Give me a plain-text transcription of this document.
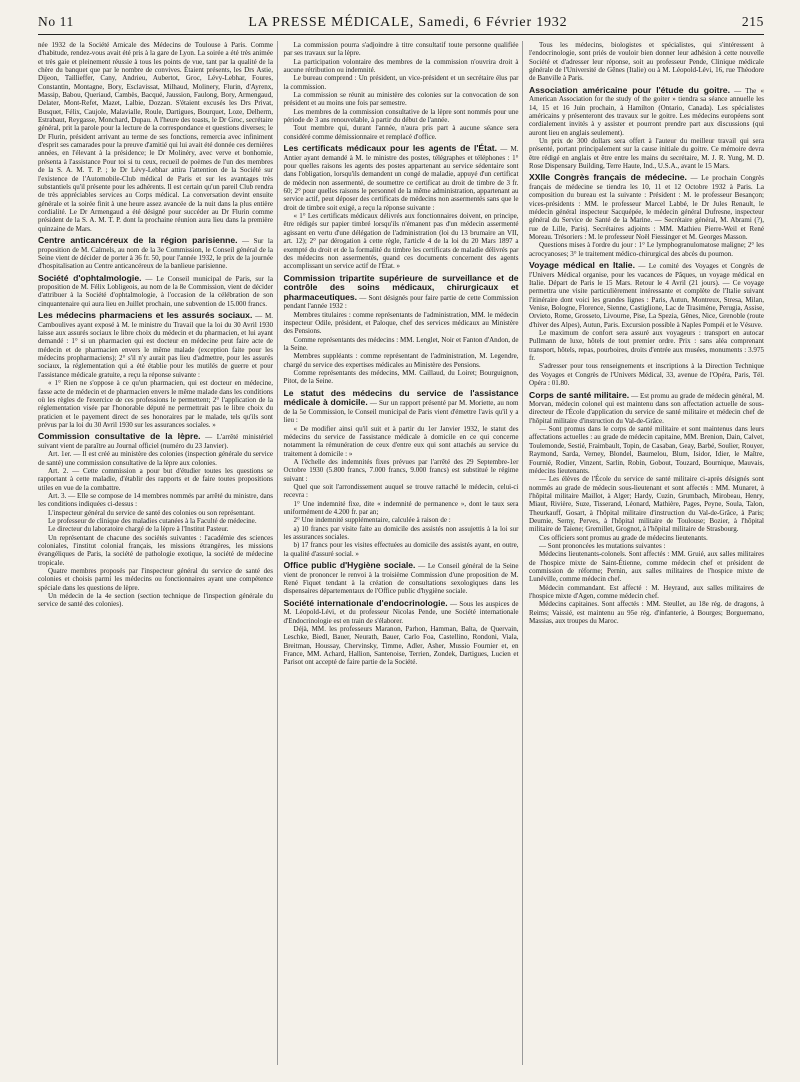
No 11	LA PRESSE MÉDICALE, Samedi, 6 Février 1932	215

née 1932 de la Société Amicale des Médecins de Toulouse à Paris. Comme d'habitude, rendez-vous avait été pris à la gare de Lyon. La soirée a été très animée et très gaie et pleinement réussie à tous les points de vue, tant par la qualité de la chère du banquet que par le nombre de convives. Étaient présents, les Drs Astie, Dijeon, Taillieffer, Cany, Andrieu, Aubertot, Groc, Lévy-Lebhar, Foures, Constantin, Montagne, Bory, Esclavissat, Milhaud, Molinery, Flurin, d'Ayrenx, Massip, Babou, Queriaud, Cambès, Bacqué, Jaussion, Faulong, Bory, Armengaud, Delater, Mont-Refet, Mazet, Lalbie, Dozzan. S'étaient excusés les Drs Privat, Busquet, Félix, Caujole, Malavialle, Roule, Dartigues, Bourquet, Loze, Delherm, Estrabaut, Reygasse, Monchard, Dupau. A l'heure des toasts, le Dr Groc, secrétaire général, prit la parole pour la lecture de la correspondance et questions diverses; le Dr Flurin, président arrivant au terme de ses fonctions, remercia avec infiniment d'esprit ses camarades pour la preuve d'amitié qui lui avait été donnée ces dernières années, en l'élevant à la présidence; le Dr Molinéry, avec verve et bonhomie, présenta à l'assistance Pour toi si tu ceux, recueil de poèmes de l'un des membres de la S. A. M. T. P. ; le Dr Lévy-Lebhar attira l'attention de la Société sur l'existence de l'Automobile-Club médical de Paris et sur les avantages très substantiels qu'il présente pour les adhérents. Il est certain qu'un pareil Club rendra de très appréciables services au Corps médical. La conversation devint ensuite générale et la soirée finit à une heure assez avancée de la nuit dans la plus entière cordialité. Le Dr Armengaud a été désigné pour succéder au Dr Flurin comme président de la S. A. M. T. P. dont la prochaine réunion aura lieu dans la première quinzaine de Mars.

Centre anticancéreux de la région parisienne. — Sur la proposition de M. Calmels, au nom de la 3e Commission, le Conseil général de la Seine vient de décider de porter à 36 fr. 50, pour l'année 1932, le prix de la journée d'hospitalisation au Centre anticancéreux de la banlieue parisienne.
Société d'ophtalmologie. — Le Conseil municipal de Paris, sur la proposition de M. Félix Lobligeois, au nom de la 8e Commission, vient de décider d'attribuer à la Société d'ophtalmologie, à l'occasion de la célébration de son cinquantenaire qui aura lieu en Juillet prochain, une subvention de 15.000 francs.
Les médecins pharmaciens et les assurés sociaux. — M. Camboulives ayant exposé à M. le ministre du Travail que la loi du 30 Avril 1930 laisse aux assurés sociaux le libre choix du médecin et du pharmacien, et lui ayant demandé : 1° si un pharmacien qui est docteur en médecine peut faire acte de médecin et de pharmacien envers le même malade (exception faite pour les médecins propharmaciens); 2° s'il n'y aurait pas lieu d'admettre, pour les assurés sociaux, la réglementation qui a été établie pour les mutilés de guerre et pour l'assistance médicale gratuite, a reçu la réponse suivante :

« 1° Rien ne s'oppose à ce qu'un pharmacien, qui est docteur en médecine, fasse acte de médecin et de pharmacien envers le même malade dans les conditions où les règles de l'exercice de ces professions le permettent; 2° l'application de la réglementation visée par l'honorable député ne permettrait pas le libre choix du praticien et le payement direct de ses honoraires par le malade, tels qu'ils sont prévus par la loi du 30 Avril 1930 sur les assurances sociales. »

Commission consultative de la lèpre. — L'arrêté ministériel suivant vient de paraître au Journal officiel (numéro du 23 Janvier).

Art. 1er. — Il est créé au ministère des colonies (inspection générale du service de santé) une commission consultative de la lèpre aux colonies.

Art. 2. — Cette commission a pour but d'étudier toutes les questions se rapportant à cette maladie, d'établir des rapports et de faire toutes propositions utiles en vue de la combattre.

Art. 3. — Elle se compose de 14 membres nommés par arrêté du ministre, dans les conditions indiquées ci-dessus :

L'inspecteur général du service de santé des colonies ou son représentant.

Le professeur de clinique des maladies cutanées à la Faculté de médecine.

Le directeur du laboratoire chargé de la lèpre à l'Institut Pasteur.

Un représentant de chacune des sociétés suivantes : l'académie des sciences coloniales, l'institut colonial français, les missions étrangères, les missions évangéliques de Paris, la société de pathologie exotique, la société de médecine tropicale.

Quatre membres proposés par l'inspecteur général du service de santé des colonies et choisis parmi les médecins ou fonctionnaires ayant une compétence spéciale dans les questions de lèpre.

Un médecin de la 4e section (section technique de l'inspection générale du service de santé des colonies).

La commission pourra s'adjoindre à titre consultatif toute personne qualifiée par ses travaux sur la lèpre.

La participation volontaire des membres de la commission n'ouvrira droit à aucune rétribution ou indemnité.

Le bureau comprend : Un président, un vice-président et un secrétaire élus par la commission.

La commission se réunit au ministère des colonies sur la convocation de son président et au moins une fois par semestre.

Les membres de la commission consultative de la lèpre sont nommés pour une période de 3 ans renouvelable, à partir du début de l'année.

Tout membre qui, durant l'année, n'aura pris part à aucune séance sera considéré comme démissionnaire et remplacé d'office.

Les certificats médicaux pour les agents de l'État. — M. Antier ayant demandé à M. le ministre des postes, télégraphes et téléphones : 1° pour quelles raisons les agents des postes appartenant au service sédentaire sont dans l'obligation, lorsqu'ils demandent un congé de maladie, appuyé d'un certificat de médecin non assermenté, de soumettre ce certificat au droit de timbre de 3 fr. 60; 2° pour quelles raisons le personnel de la même administration, appartenant au service actif, peut déposer des certificats de médecins non assermentés sans que le droit de timbre soit exigé, a reçu la réponse suivante :

« 1° Les certificats médicaux délivrés aux fonctionnaires doivent, en principe, être rédigés sur papier timbré lorsqu'ils n'émanent pas d'un médecin assermenté agissant en vertu d'une délégation de l'administration (loi du 13 brumaire an VII, art. 12); 2° par dérogation à cette règle, l'article 4 de la loi du 20 Mars 1897 a exempté du droit et de la formalité du timbre les certificats de maladie délivrés par des médecins non assermentés, quand ces documents concernent des agents accomplissant un service actif de l'État. »

Commission tripartite supérieure de surveillance et de contrôle des soins médicaux, chirurgicaux et pharmaceutiques. — Sont désignés pour faire partie de cette Commission pendant l'année 1932 :

Membres titulaires : comme représentants de l'administration, MM. le médecin inspecteur Odile, président, et Paloque, chef des services médicaux au Ministère des Pensions.

Comme représentants des médecins : MM. Lenglet, Noir et Fanton d'Andon, de la Seine.

Membres suppléants : comme représentant de l'administration, M. Legendre, chargé du service des expertises médicales au Ministère des Pensions.

Comme représentants des médecins, MM. Caillaud, du Loiret; Bourguignon, Pitot, de la Seine.

Le statut des médecins du service de l'assistance médicale à domicile. — Sur un rapport présenté par M. Moriette, au nom de la 5e Commission, le Conseil municipal de Paris vient d'émettre l'avis qu'il y a lieu :

« De modifier ainsi qu'il suit et à partir du 1er Janvier 1932, le statut des médecins du service de l'assistance médicale à domicile en ce qui concerne notamment la rémunération de ceux d'entre eux qui sont attachés au service du traitement à domicile : »

A l'échelle des indemnités fixes prévues par l'arrêté des 29 Septembre-1er Octobre 1930 (5.800 francs, 7.000 francs, 9.000 francs) est substitué le régime suivant :

Quel que soit l'arrondissement auquel se trouve rattaché le médecin, celui-ci recevra :

1° Une indemnité fixe, dite « indemnité de permanence », dont le taux sera uniformément de 4.200 fr. par an;

2° Une indemnité supplémentaire, calculée à raison de :

a) 10 francs par visite faite au domicile des assistés non assujettis à la loi sur les assurances sociales.

b) 17 francs pour les visites effectuées au domicile des assistés ayant, en outre, la qualité d'assuré social. »

Office public d'Hygiène sociale. — Le Conseil général de la Seine vient de prononcer le renvoi à la troisième Commission d'une proposition de M. René Fiquet tendant à la création de consultations sexologiques dans les dispensaires départementaux de l'Office public d'hygiène sociale.
Société internationale d'endocrinologie. — Sous les auspices de M. Léopold-Lévi, et du professeur Nicolas Pende, une Société internationale d'Endocrinologie est en train de s'élaborer.

Déjà, MM. les professeurs Maranon, Parhon, Hamman, Balta, de Quervain, Leschke, Biedl, Bauer, Neurath, Bauer, Carlo Foa, Castellino, Rondoni, Viala, Breitman, Houssay, Chervinsky, Timme, Adler, Asher, Mussio Fournier et, en France, MM. Achard, Hallion, Santenoise, Terrien, Zondek, Dartigues, Lucien et Parisot ont accepté de faire partie de la Société.

Tous les médecins, biologistes et spécialistes, qui s'intéressent à l'endocrinologie, sont priés de vouloir bien donner leur adhésion à cette nouvelle Société et d'adresser leur réponse, soit au professeur Pende, Clinique médicale générale de l'Université de Gênes (Italie) ou à M. Léopold-Lévi, 16, rue Théodore de Banville à Paris.

Association américaine pour l'étude du goitre. — The « American Association for the study of the goiter » tiendra sa séance annuelle les 14, 15 et 16 Juin prochain, à Hamilton (Ontario, Canada). Les spécialistes américains y présenteront des travaux sur le goitre. Les médecins européens sont cordialement invités à y assister et pourront prendre part aux discussions (qui auront lieu en anglais seulement).

Un prix de 300 dollars sera offert à l'auteur du meilleur travail qui sera présenté, portant principalement sur la cause initiale du goitre. Ce mémoire devra être rédigé en anglais et être entre les mains du secrétaire, M. J. R. Yung, M. D. Rose Dispensary Building, Terre Haute, Ind., U.S.A., avant le 15 Mars.

XXIIe Congrès français de médecine. — Le prochain Congrès français de médecine se tiendra les 10, 11 et 12 Octobre 1932 à Paris. La composition du bureau est la suivante : Président : M. le professeur Besançon; vices-présidents : MM. le professeur Marcel Labbé, le Dr Jules Renault, le médecin général inspecteur Sacquépée, le médecin général Dufresne, inspecteur général du Service de Santé de la Marine. — Secrétaire général, M. Abrami (?), rue de Lille, Paris). Secrétaires adjoints : MM. Mathieu Pierre-Weil et René Moreau. Trésoriers : M. le professeur Noël Fiessinger et M. Georges Masson.

Questions mises à l'ordre du jour : 1° Le lymphogranulomatose maligne; 2° les acrocyanoses; 3° le traitement médico-chirurgical des abcès du poumon.

Voyage médical en Italie. — Le comité des Voyages et Congrès de l'Univers Médical organise, pour les vacances de Pâques, un voyage médical en Italie. Départ de Paris le 15 Mars. Retour le 4 Avril (21 jours). — Ce voyage permettra une visite particulièrement intéressante et complète de l'Italie suivant l'itinéraire dont voici les grandes lignes : Paris, Autun, Montreux, Stresa, Milan, Venise, Bologne, Florence, Sienne, Castiglione, Lac de Trasimène, Perugia, Assise, Orvieto, Rome, Grosseto, Livourne, Pise, La Spezia, Gênes, Nice, Grenoble (route d'hiver des Alpes), Autun, Paris. Excursion possible à Naples Pompéi et le Vésuve.

Le maximum de confort sera assuré aux voyageurs : transport en autocar Pullmann de luxe, hôtels de tout premier ordre. Prix : sans aléa comprenant transport, hôtels, repas, pourboires, droits d'entrée aux musées, monuments : 3.975 fr.

S'adresser pour tous renseignements et inscriptions à la Direction Technique des Voyages et Congrès de l'Univers Médical, 33, avenue de l'Opéra, Paris, Tél. Opéra : 01.80.

Corps de santé militaire. — Est promu au grade de médecin général, M. Morvan, médecin colonel qui est maintenu dans son affectation actuelle de sous-directeur de l'École d'application du service de santé militaire et médecin chef de l'hôpital militaire d'instruction du Val-de-Grâce.

— Sont promus dans le corps de santé militaire et sont maintenus dans leurs affectations actuelles : au grade de médecin capitaine, MM. Brenion, Dain, Calvet, Toulemonde, Sestié, Fraimbault, Topin, de Casaban, Geay, Barbé, Soulier, Rouyer, Raymond, Sarda, Verney, Blondel, Baumelou, Blum, Isidor, Idier, le Maître, Fournié, Rodier, Vinzent, Sarlin, Robin, Gobout, Touzard, Bournique, Mauvais, médecins lieutenants.

— Les élèves de l'École du service de santé militaire ci-après désignés sont nommés au grade de médecin sous-lieutenant et sont affectés : MM. Munaret, à l'hôpital militaire Maillot, à Alger; Hardy, Cuzin, Grumbach, Mirobeau, Henry, Miaut, Rivière, Suze, Tisserand, Léonard, Mathière, Pages, Peyne, Soula, Talon, Theurkauff, Gosart, à l'hôpital militaire d'instruction du Val-de-Grâce, à Paris; Deumie, Serny, Perves, à l'hôpital militaire de Toulouse; Bozier, à l'hôpital militaire de Taiene; Gremillet, Grognot, à l'hôpital militaire de Strasbourg.

Ces officiers sont promus au grade de médecins lieutenants.

— Sont prononcées les mutations suivantes :

Médecins lieutenants-colonels. Sont affectés : MM. Gruié, aux salles militaires de l'hospice mixte de Saint-Étienne, comme médecin chef et président de commission de réforme; Pernin, aux salles militaires de l'hospice mixte de Lunéville, comme médecin chef.

Médecin commandant. Est affecté : M. Heyraud, aux salles militaires de l'hospice mixte d'Agen, comme médecin chef.

Médecins capitaines. Sont affectés : MM. Steullet, au 18e rég. de dragons, à Reims; Vaissié, est maintenu au 95e rég. d'infanterie, à Bourges; Borguemano, Massias, aux troupes du Maroc.
